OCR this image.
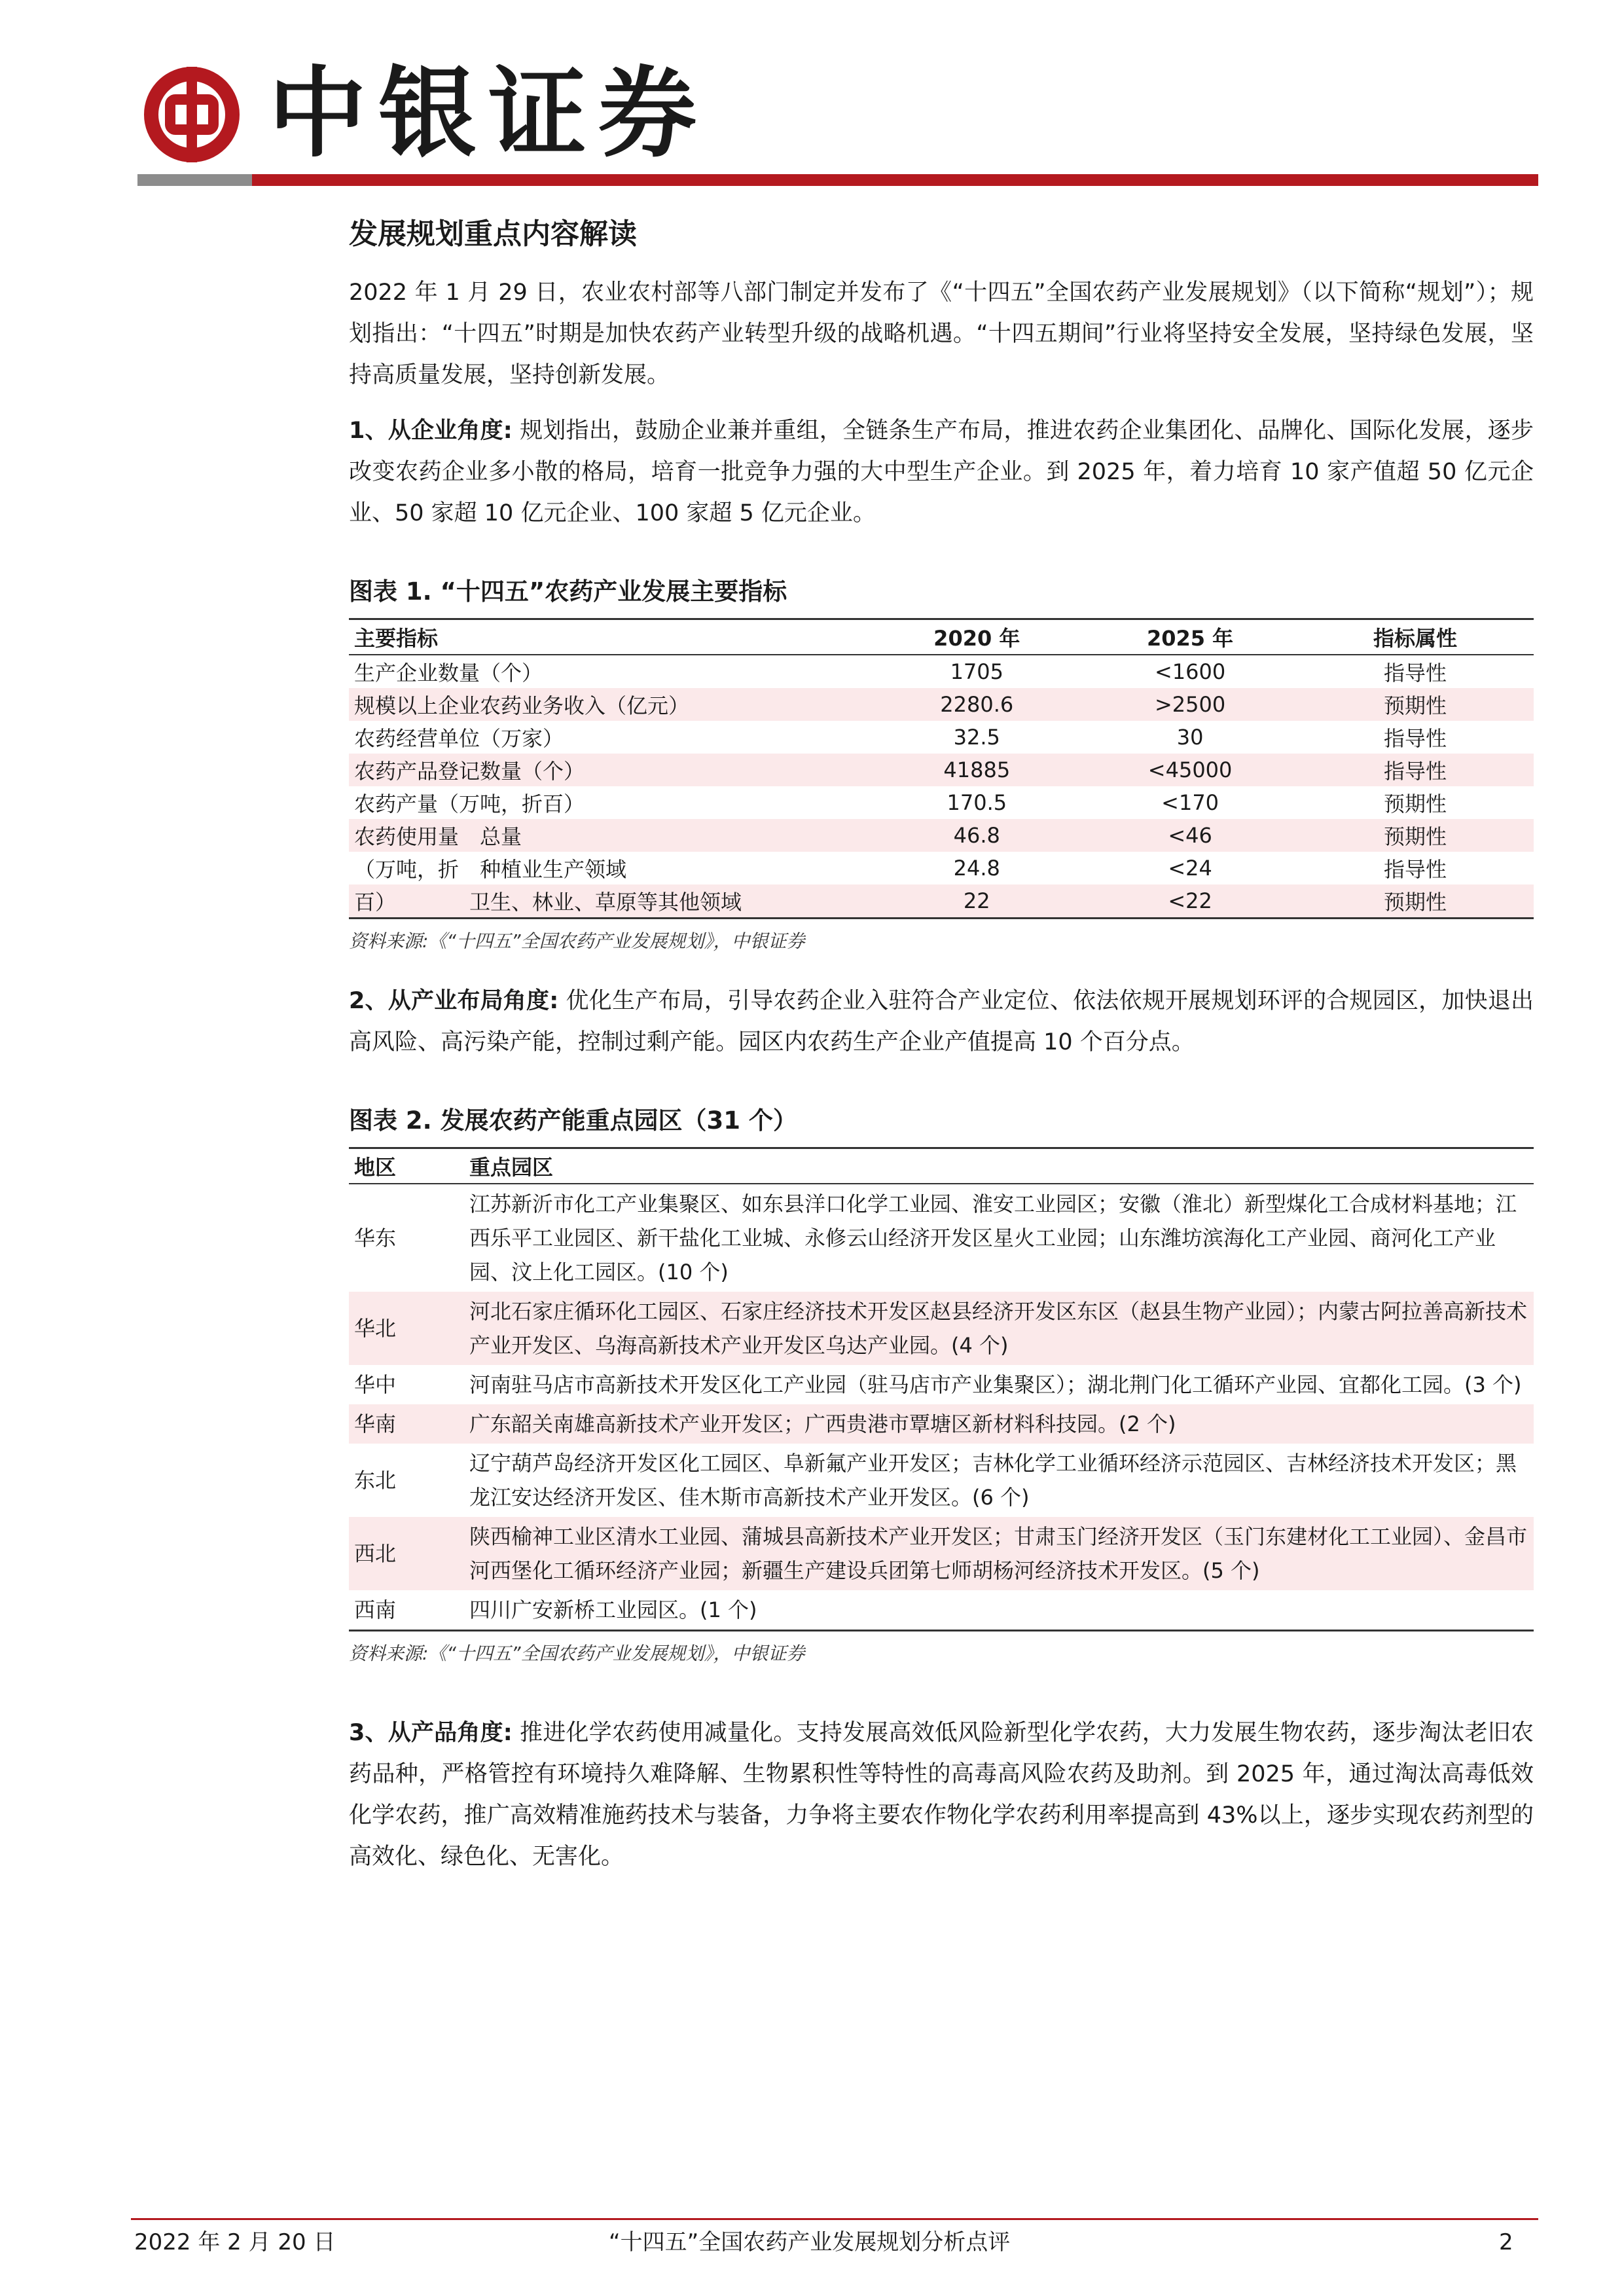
中银证券
发展规划重点内容解读

2022 年 1 月 29 日，农业农村部等八部门制定并发布了《“十四五”全国农药产业发展规划》（以下简称“规划”）；规划指出：“十四五”时期是加快农药产业转型升级的战略机遇。“十四五期间”行业将坚持安全发展，坚持绿色发展，坚持高质量发展，坚持创新发展。

1、从企业角度: 规划指出，鼓励企业兼并重组，全链条生产布局，推进农药企业集团化、品牌化、国际化发展，逐步改变农药企业多小散的格局，培育一批竞争力强的大中型生产企业。到 2025 年，着力培育 10 家产值超 50 亿元企业、50 家超 10 亿元企业、100 家超 5 亿元企业。

图表 1. “十四五”农药产业发展主要指标
主要指标	2020 年	2025 年	指标属性
生产企业数量（个）	1705	<1600	指导性
规模以上企业农药业务收入（亿元）	2280.6	>2500	预期性
农药经营单位（万家）	32.5	30	指导性
农药产品登记数量（个）	41885	<45000	指导性
农药产量（万吨，折百）	170.5	<170	预期性
农药使用量　总量	46.8	<46	预期性
（万吨，折　种植业生产领域	24.8	<24	指导性
百）　　　　卫生、林业、草原等其他领域	22	<22	预期性
资料来源:《“十四五”全国农药产业发展规划》，中银证券

2、从产业布局角度: 优化生产布局，引导农药企业入驻符合产业定位、依法依规开展规划环评的合规园区，加快退出高风险、高污染产能，控制过剩产能。园区内农药生产企业产值提高 10 个百分点。

图表 2. 发展农药产能重点园区（31 个）
地区	重点园区
华东	江苏新沂市化工产业集聚区、如东县洋口化学工业园、淮安工业园区；安徽（淮北）新型煤化工合成材料基地；江西乐平工业园区、新干盐化工业城、永修云山经济开发区星火工业园；山东潍坊滨海化工产业园、商河化工产业园、汶上化工园区。(10 个)
华北	河北石家庄循环化工园区、石家庄经济技术开发区赵县经济开发区东区（赵县生物产业园）；内蒙古阿拉善高新技术产业开发区、乌海高新技术产业开发区乌达产业园。(4 个)
华中	河南驻马店市高新技术开发区化工产业园（驻马店市产业集聚区）；湖北荆门化工循环产业园、宜都化工园。(3 个)
华南	广东韶关南雄高新技术产业开发区；广西贵港市覃塘区新材料科技园。(2 个)
东北	辽宁葫芦岛经济开发区化工园区、阜新氟产业开发区；吉林化学工业循环经济示范园区、吉林经济技术开发区；黑龙江安达经济开发区、佳木斯市高新技术产业开发区。(6 个)
西北	陕西榆神工业区清水工业园、蒲城县高新技术产业开发区；甘肃玉门经济开发区（玉门东建材化工工业园）、金昌市河西堡化工循环经济产业园；新疆生产建设兵团第七师胡杨河经济技术开发区。(5 个)
西南	四川广安新桥工业园区。(1 个)
资料来源:《“十四五”全国农药产业发展规划》，中银证券

3、从产品角度: 推进化学农药使用减量化。支持发展高效低风险新型化学农药，大力发展生物农药，逐步淘汰老旧农药品种，严格管控有环境持久难降解、生物累积性等特性的高毒高风险农药及助剂。到 2025 年，通过淘汰高毒低效化学农药，推广高效精准施药技术与装备，力争将主要农作物化学农药利用率提高到 43%以上，逐步实现农药剂型的高效化、绿色化、无害化。

2022 年 2 月 20 日	“十四五”全国农药产业发展规划分析点评	2
